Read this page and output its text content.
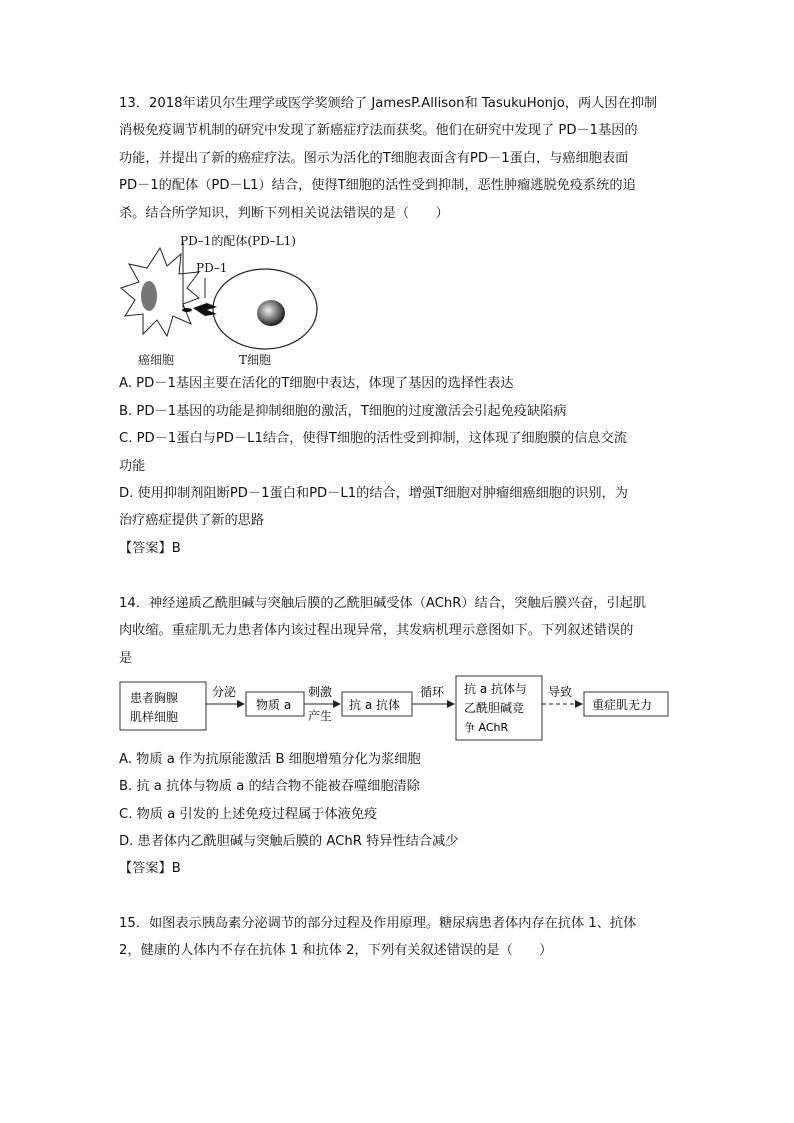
13．2018年诺贝尔生理学或医学奖颁给了 JamesP.Allison和 TasukuHonjo，两人因在抑制
消极免疫调节机制的研究中发现了新癌症疗法而获奖。他们在研究中发现了 PD－1基因的
功能，并提出了新的癌症疗法。图示为活化的T细胞表面含有PD－1蛋白，与癌细胞表面
PD－1的配体（PD－L1）结合，使得T细胞的活性受到抑制，恶性肿瘤逃脱免疫系统的追
杀。结合所学知识，判断下列相关说法错误的是（　　）
PD–1的配体(PD–L1)
PD–1
癌细胞	T细胞
A. PD－1基因主要在活化的T细胞中表达，体现了基因的选择性表达
B. PD－1基因的功能是抑制细胞的激活，T细胞的过度激活会引起免疫缺陷病
C. PD－1蛋白与PD－L1结合，使得T细胞的活性受到抑制，这体现了细胞膜的信息交流
功能
D. 使用抑制剂阻断PD－1蛋白和PD－L1的结合，增强T细胞对肿瘤细癌细胞的识别，为
治疗癌症提供了新的思路
【答案】B
14．神经递质乙酰胆碱与突触后膜的乙酰胆碱受体（AChR）结合，突触后膜兴奋，引起肌
肉收缩。重症肌无力患者体内该过程出现异常，其发病机理示意图如下。下列叙述错误的
是
患者胸腺
肌样细胞
分泌
物质 a
刺激
产生
抗 a 抗体
循环 抗 a 抗体与
乙酰胆碱竞
争 AChR
导致
重症肌无力
A. 物质 a 作为抗原能激活 B 细胞增殖分化为浆细胞
B. 抗 a 抗体与物质 a 的结合物不能被吞噬细胞清除
C. 物质 a 引发的上述免疫过程属于体液免疫
D. 患者体内乙酰胆碱与突触后膜的 AChR 特异性结合减少
【答案】B
15．如图表示胰岛素分泌调节的部分过程及作用原理。糖尿病患者体内存在抗体 1、抗体
2，健康的人体内不存在抗体 1 和抗体 2，下列有关叙述错误的是（　　）
